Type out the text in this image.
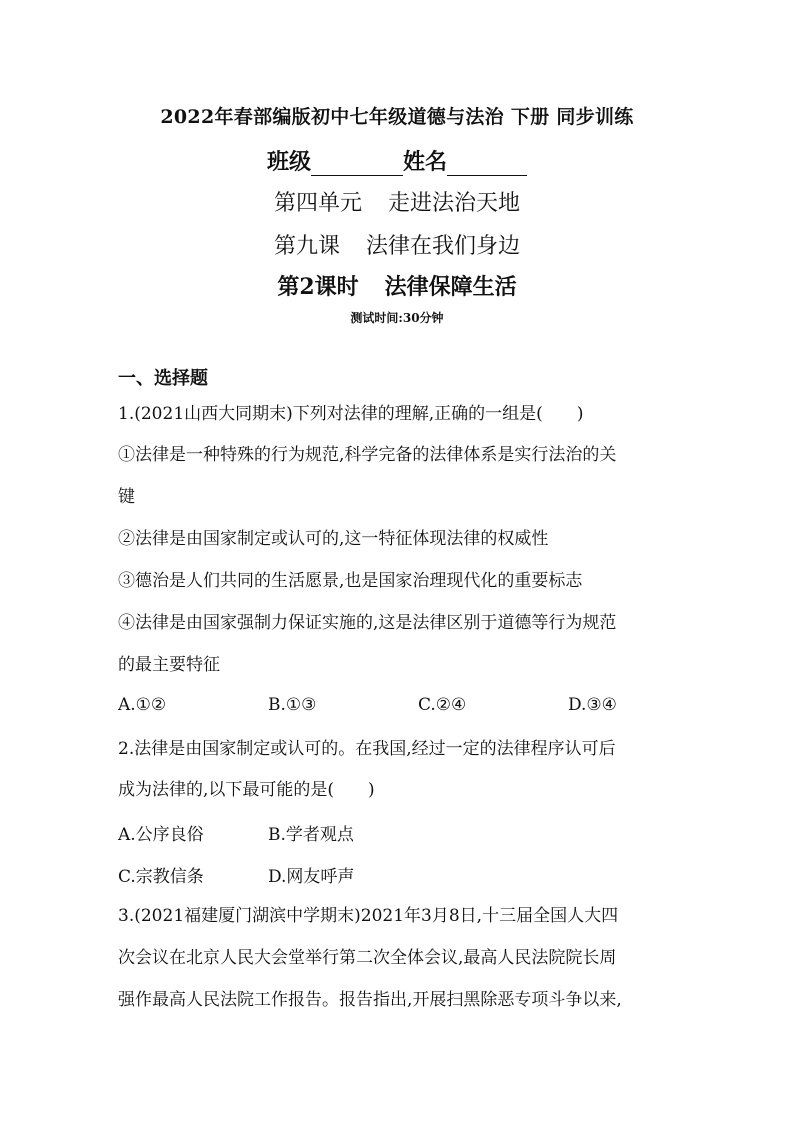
2022年春部编版初中七年级道德与法治 下册 同步训练
班级	姓名
第四单元 走进法治天地
第九课 法律在我们身边
第2课时 法律保障生活
测试时间:30分钟
一、选择题
1.(2021山西大同期末)下列对法律的理解,正确的一组是( )
①法律是一种特殊的行为规范,科学完备的法律体系是实行法治的关
键
②法律是由国家制定或认可的,这一特征体现法律的权威性
③德治是人们共同的生活愿景,也是国家治理现代化的重要标志
④法律是由国家强制力保证实施的,这是法律区别于道德等行为规范
的最主要特征
A.①②	B.①③	C.②④	D.③④
2.法律是由国家制定或认可的。在我国,经过一定的法律程序认可后
成为法律的,以下最可能的是( )
A.公序良俗	B.学者观点
C.宗教信条	D.网友呼声
3.(2021福建厦门湖滨中学期末)2021年3月8日,十三届全国人大四
次会议在北京人民大会堂举行第二次全体会议,最高人民法院院长周
强作最高人民法院工作报告。报告指出,开展扫黑除恶专项斗争以来,
